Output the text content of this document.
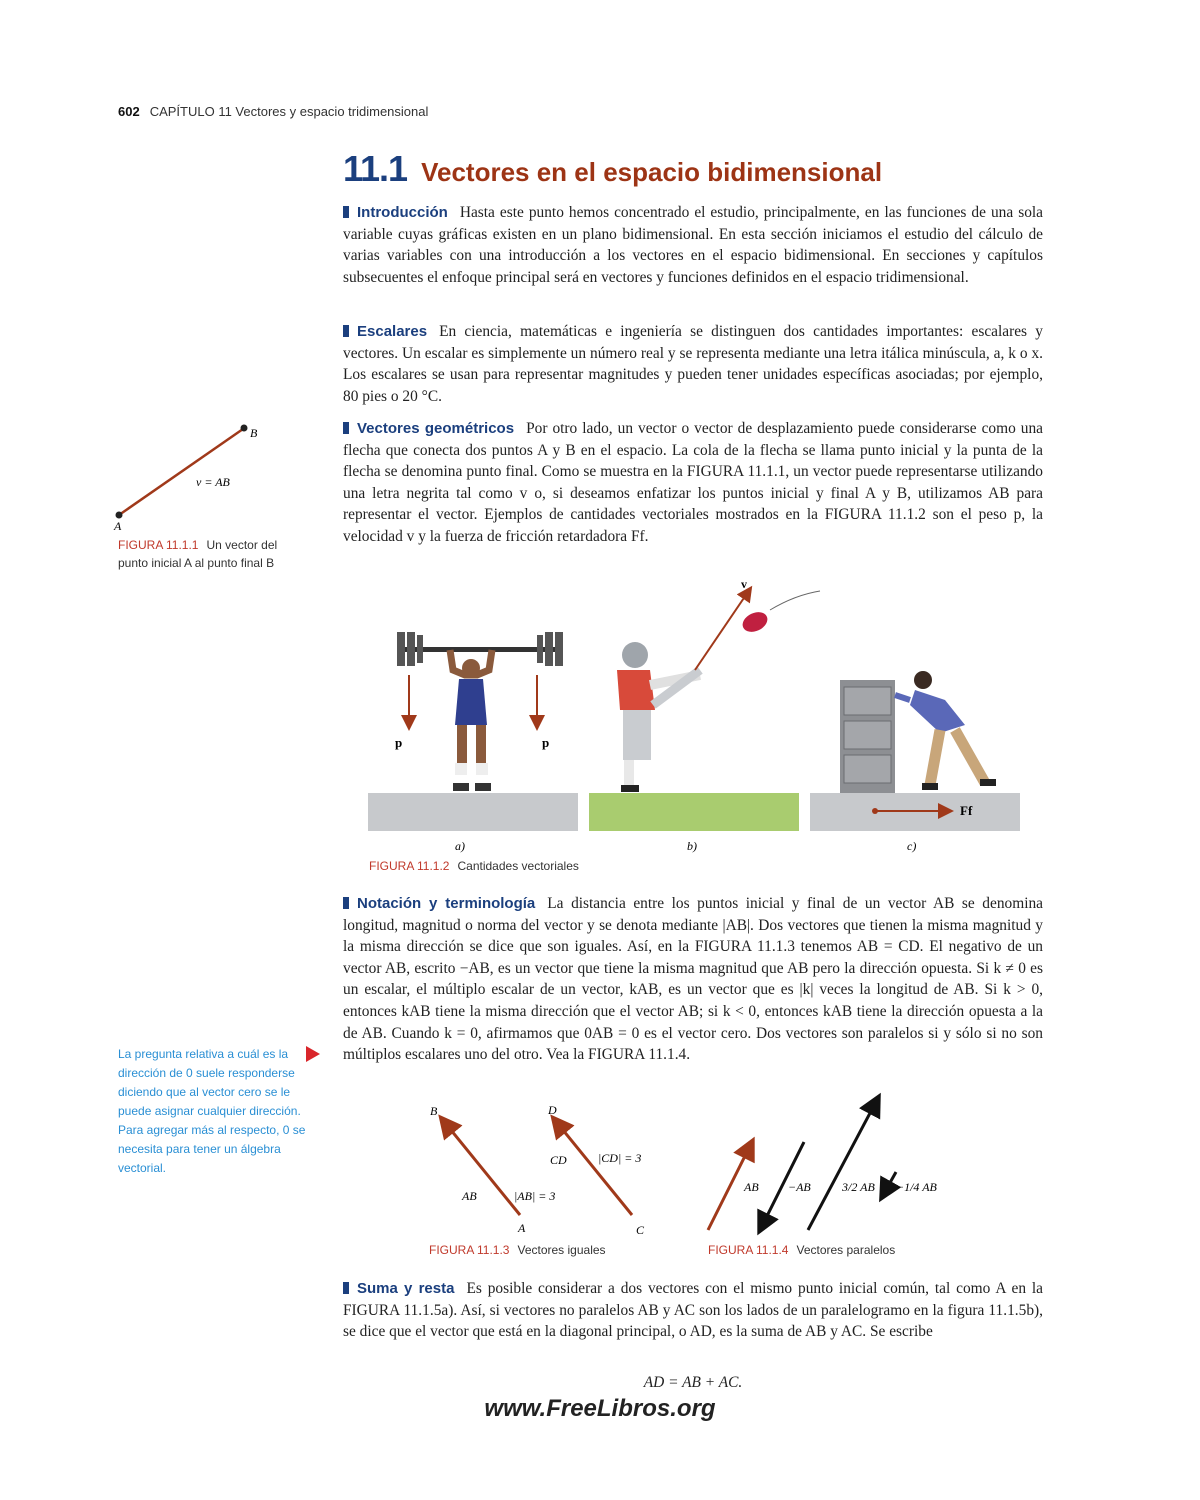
602 CAPÍTULO 11 Vectores y espacio tridimensional
11.1 Vectores en el espacio bidimensional
Introducción Hasta este punto hemos concentrado el estudio, principalmente, en las funciones de una sola variable cuyas gráficas existen en un plano bidimensional. En esta sección iniciamos el estudio del cálculo de varias variables con una introducción a los vectores en el espacio bidimensional. En secciones y capítulos subsecuentes el enfoque principal será en vectores y funciones definidos en el espacio tridimensional.
Escalares En ciencia, matemáticas e ingeniería se distinguen dos cantidades importantes: escalares y vectores. Un escalar es simplemente un número real y se representa mediante una letra itálica minúscula, a, k o x. Los escalares se usan para representar magnitudes y pueden tener unidades específicas asociadas; por ejemplo, 80 pies o 20 °C.
Vectores geométricos Por otro lado, un vector o vector de desplazamiento puede considerarse como una flecha que conecta dos puntos A y B en el espacio. La cola de la flecha se llama punto inicial y la punta de la flecha se denomina punto final. Como se muestra en la FIGURA 11.1.1, un vector puede representarse utilizando una letra negrita tal como v o, si deseamos enfatizar los puntos inicial y final A y B, utilizamos AB para representar el vector. Ejemplos de cantidades vectoriales mostrados en la FIGURA 11.1.2 son el peso p, la velocidad v y la fuerza de fricción retardadora Ff.
A
B
v = AB
FIGURA 11.1.1 Un vector del punto inicial A al punto final B
p	p
v
Ff
a)	b)	c)
FIGURA 11.1.2 Cantidades vectoriales
Notación y terminología La distancia entre los puntos inicial y final de un vector AB se denomina longitud, magnitud o norma del vector y se denota mediante |AB|. Dos vectores que tienen la misma magnitud y la misma dirección se dice que son iguales. Así, en la FIGURA 11.1.3 tenemos AB = CD. El negativo de un vector AB, escrito −AB, es un vector que tiene la misma magnitud que AB pero la dirección opuesta. Si k ≠ 0 es un escalar, el múltiplo escalar de un vector, kAB, es un vector que es |k| veces la longitud de AB. Si k > 0, entonces kAB tiene la misma dirección que el vector AB; si k < 0, entonces kAB tiene la dirección opuesta a la de AB. Cuando k = 0, afirmamos que 0AB = 0 es el vector cero. Dos vectores son paralelos si y sólo si no son múltiplos escalares uno del otro. Vea la FIGURA 11.1.4.
La pregunta relativa a cuál es la dirección de 0 suele responderse diciendo que al vector cero se le puede asignar cualquier dirección. Para agregar más al respecto, 0 se necesita para tener un álgebra vectorial.
A
B
C
D
AB	|AB| = 3
CD	|CD| = 3
FIGURA 11.1.3 Vectores iguales
AB −AB	3/2 AB −1/4 AB
FIGURA 11.1.4 Vectores paralelos
Suma y resta Es posible considerar a dos vectores con el mismo punto inicial común, tal como A en la FIGURA 11.1.5a). Así, si vectores no paralelos AB y AC son los lados de un paralelogramo en la figura 11.1.5b), se dice que el vector que está en la diagonal principal, o AD, es la suma de AB y AC. Se escribe
AD = AB + AC.
www.FreeLibros.org
